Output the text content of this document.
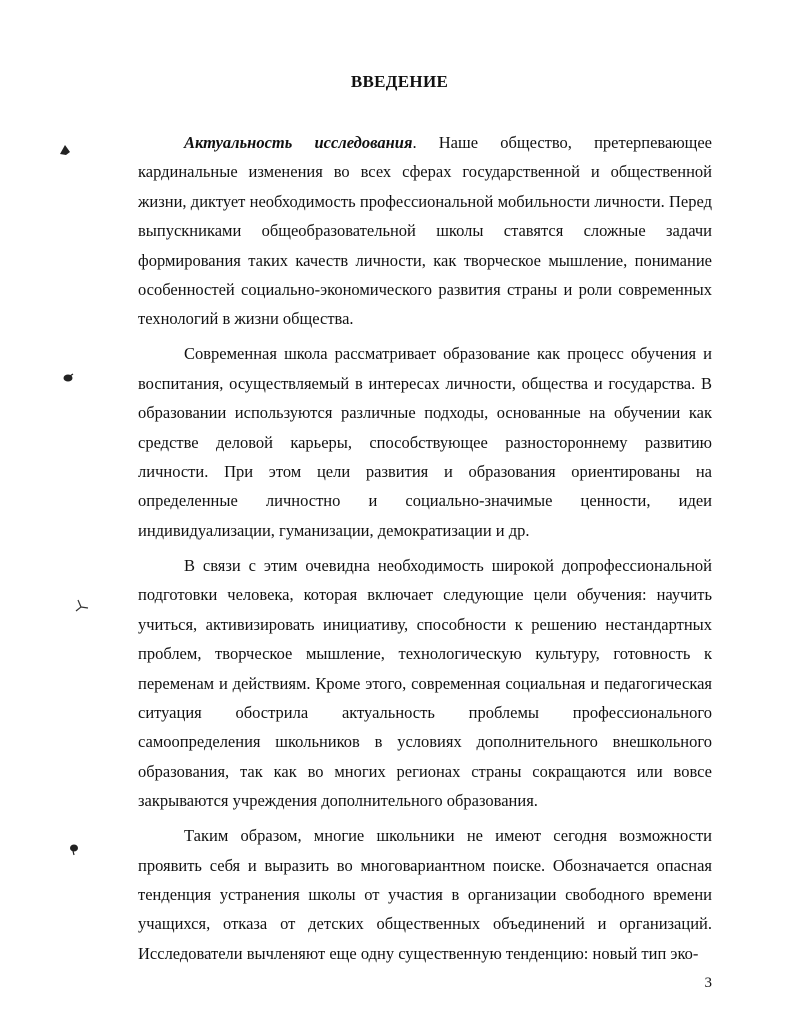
ВВЕДЕНИЕ

Актуальность исследования. Наше общество, претерпевающее кардинальные изменения во всех сферах государственной и общественной жизни, диктует необходимость профессиональной мобильности личности. Перед выпускниками общеобразовательной школы ставятся сложные задачи формирования таких качеств личности, как творческое мышление, понимание особенностей социально-экономического развития страны и роли современных технологий в жизни общества.

Современная школа рассматривает образование как процесс обучения и воспитания, осуществляемый в интересах личности, общества и государства. В образовании используются различные подходы, основанные на обучении как средстве деловой карьеры, способствующее разностороннему развитию личности. При этом цели развития и образования ориентированы на определенные личностно и социально-значимые ценности, идеи индивидуализации, гуманизации, демократизации и др.

В связи с этим очевидна необходимость широкой допрофессиональной подготовки человека, которая включает следующие цели обучения: научить учиться, активизировать инициативу, способности к решению нестандартных проблем, творческое мышление, технологическую культуру, готовность к переменам и действиям. Кроме этого, современная социальная и педагогическая ситуация обострила актуальность проблемы профессионального самоопределения школьников в условиях дополнительного внешкольного образования, так как во многих регионах страны сокращаются или вовсе закрываются учреждения дополнительного образования.

Таким образом, многие школьники не имеют сегодня возможности проявить себя и выразить во многовариантном поиске. Обозначается опасная тенденция устранения школы от участия в организации свободного времени учащихся, отказа от детских общественных объединений и организаций. Исследователи вычленяют еще одну существенную тенденцию: новый тип эко-

3
